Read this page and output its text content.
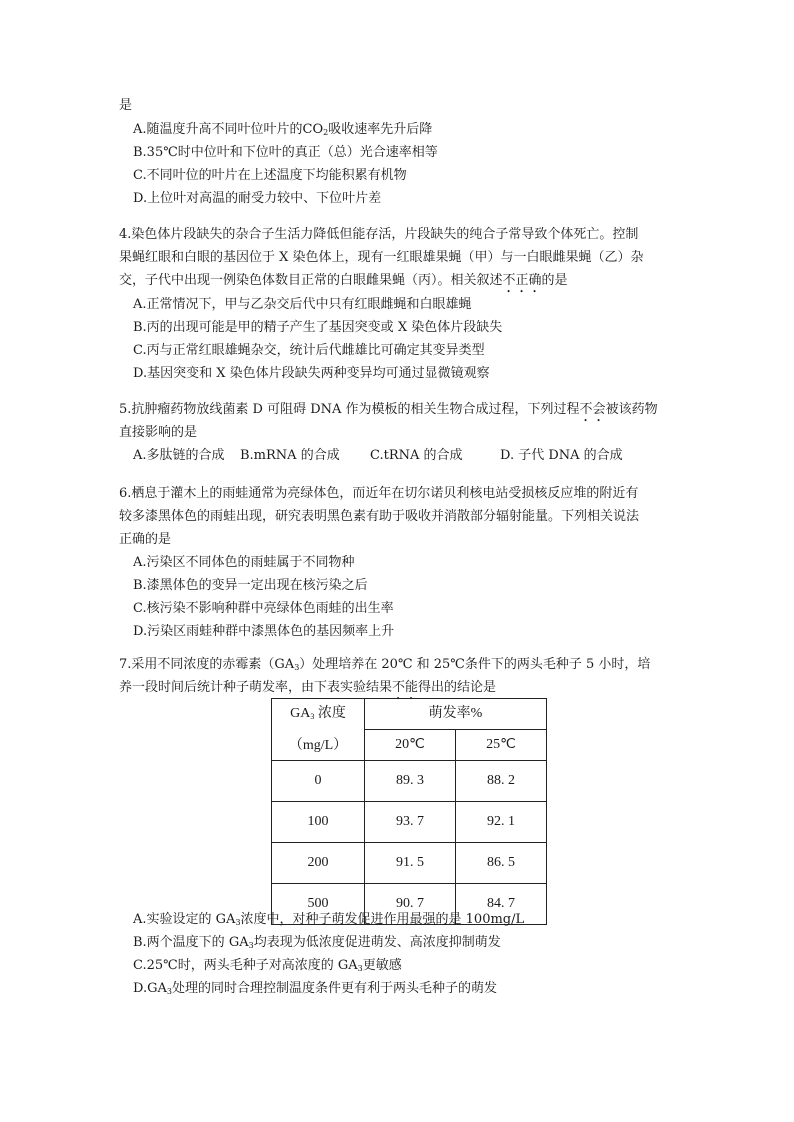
是
A.随温度升高不同叶位叶片的$CO_2$吸收速率先升后降
B.35℃时中位叶和下位叶的真正（总）光合速率相等
C.不同叶位的叶片在上述温度下均能积累有机物
D.上位叶对高温的耐受力较中、下位叶片差
4.染色体片段缺失的杂合子生活力降低但能存活，片段缺失的纯合子常导致个体死亡。控制
果蝇红眼和白眼的基因位于 X 染色体上，现有一红眼雄果蝇（甲）与一白眼雌果蝇（乙）杂
交，子代中出现一例染色体数目正常的白眼雌果蝇（丙）。相关叙述不正确的是
A.正常情况下，甲与乙杂交后代中只有红眼雌蝇和白眼雄蝇
B.丙的出现可能是甲的精子产生了基因突变或 X 染色体片段缺失
C.丙与正常红眼雄蝇杂交，统计后代雌雄比可确定其变异类型
D.基因突变和 X 染色体片段缺失两种变异均可通过显微镜观察
5.抗肿瘤药物放线菌素 D 可阻碍 DNA 作为模板的相关生物合成过程，下列过程不会被该药物
直接影响的是
A.多肽链的合成 B.mRNA 的合成 C.tRNA 的合成	D. 子代 DNA 的合成
6.栖息于灌木上的雨蛙通常为亮绿体色，而近年在切尔诺贝利核电站受损核反应堆的附近有
较多漆黑体色的雨蛙出现，研究表明黑色素有助于吸收并消散部分辐射能量。下列相关说法
正确的是
A.污染区不同体色的雨蛙属于不同物种
B.漆黑体色的变异一定出现在核污染之后
C.核污染不影响种群中亮绿体色雨蛙的出生率
D.污染区雨蛙种群中漆黑体色的基因频率上升
7.采用不同浓度的赤霉素$(GA_3)$处理培养在 20℃ 和 25℃条件下的两头毛种子 5 小时，培
养一段时间后统计种子萌发率，由下表实验结果不能得出的结论是
$GA_3$ 浓度
（mg/L）	萌发率%	
	20℃	25℃
0	89. 3	88. 2
100	93. 7	92. 1
200	91. 5	86. 5
500	90. 7	84. 7
A.实验设定的 $GA_3$浓度中，对种子萌发促进作用最强的是 100mg/L
B.两个温度下的 $GA_3$均表现为低浓度促进萌发、高浓度抑制萌发
C.25℃时，两头毛种子对高浓度的 $GA_3$更敏感
$D.GA_3$处理的同时合理控制温度条件更有利于两头毛种子的萌发
